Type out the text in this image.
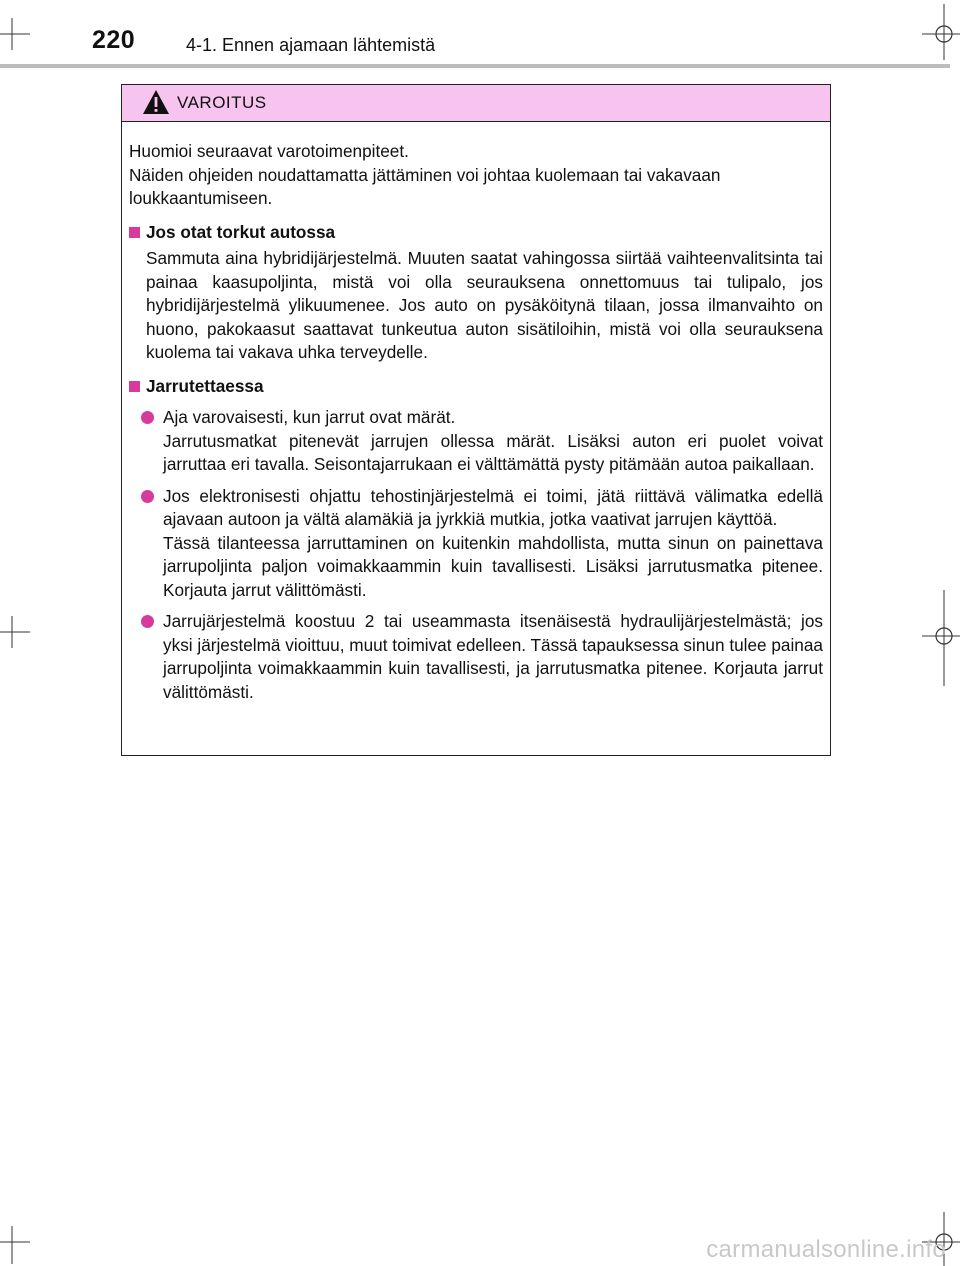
220	4-1. Ennen ajamaan lähtemistä
VAROITUS

Huomioi seuraavat varotoimenpiteet.

Näiden ohjeiden noudattamatta jättäminen voi johtaa kuolemaan tai vakavaan loukkaantumiseen.

Jos otat torkut autossa

Sammuta aina hybridijärjestelmä. Muuten saatat vahingossa siirtää vaihteenvalitsinta tai painaa kaasupoljinta, mistä voi olla seurauksena onnettomuus tai tulipalo, jos hybridijärjestelmä ylikuumenee. Jos auto on pysäköitynä tilaan, jossa ilmanvaihto on huono, pakokaasut saattavat tunkeutua auton sisätiloihin, mistä voi olla seurauksena kuolema tai vakava uhka terveydelle.

Jarrutettaessa

Aja varovaisesti, kun jarrut ovat märät.

Jarrutusmatkat pitenevät jarrujen ollessa märät. Lisäksi auton eri puolet voivat jarruttaa eri tavalla. Seisontajarrukaan ei välttämättä pysty pitämään autoa paikallaan.

Jos elektronisesti ohjattu tehostinjärjestelmä ei toimi, jätä riittävä välimatka edellä ajavaan autoon ja vältä alamäkiä ja jyrkkiä mutkia, jotka vaativat jarrujen käyttöä.

Tässä tilanteessa jarruttaminen on kuitenkin mahdollista, mutta sinun on painettava jarrupoljinta paljon voimakkaammin kuin tavallisesti. Lisäksi jarrutusmatka pitenee. Korjauta jarrut välittömästi.

Jarrujärjestelmä koostuu 2 tai useammasta itsenäisestä hydraulijärjestelmästä; jos yksi järjestelmä vioittuu, muut toimivat edelleen. Tässä tapauksessa sinun tulee painaa jarrupoljinta voimakkaammin kuin tavallisesti, ja jarrutusmatka pitenee. Korjauta jarrut välittömästi.

carmanualsonline.info
